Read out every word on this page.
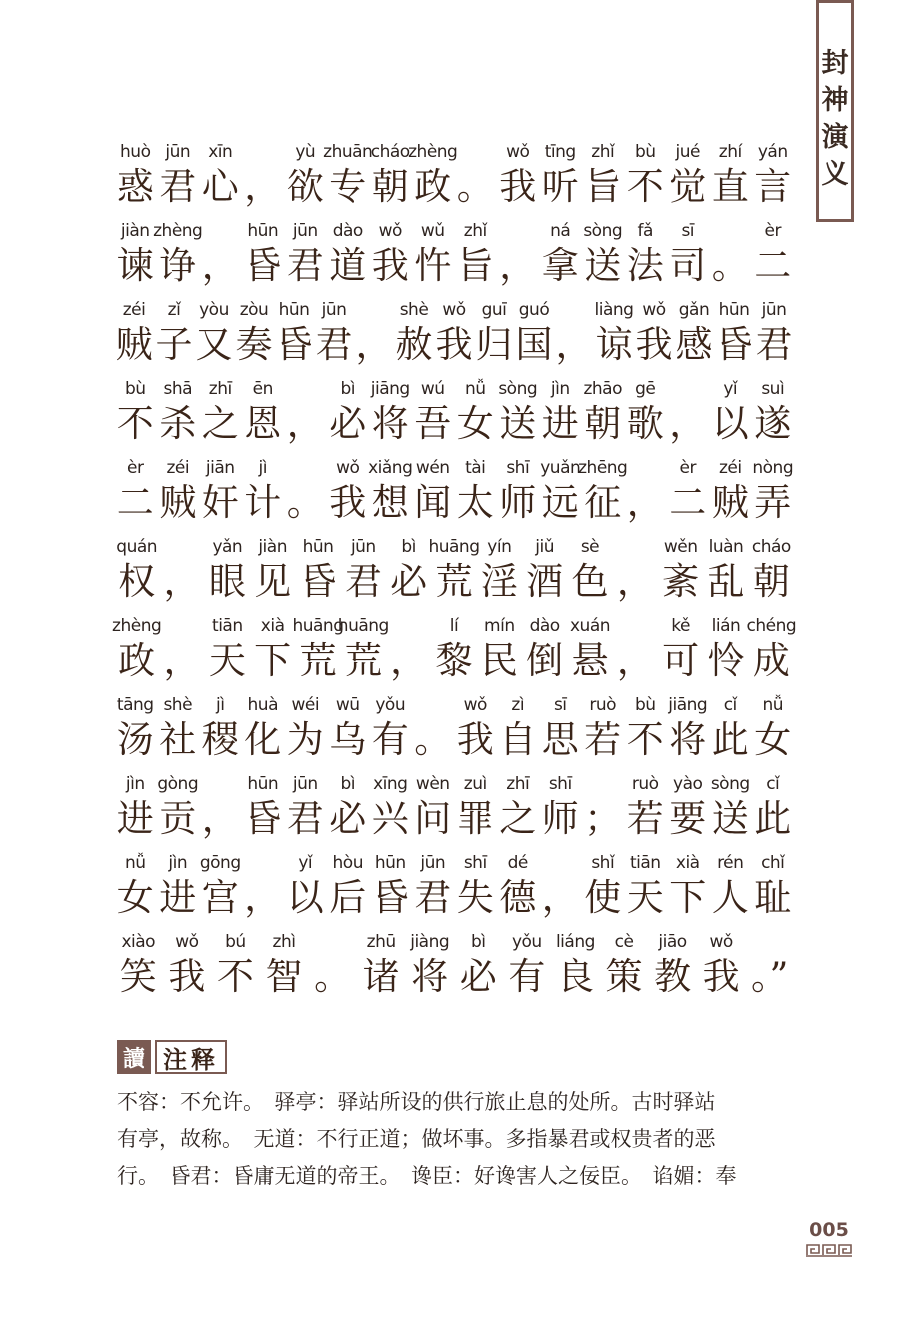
封
神
演
义
huò jūn	xīn	yù zhuān
cháo
zhèng	wǒ tīng zhǐ	bù	jué	zhí yán
惑 君 心 ， 欲 专 朝 政 。 我 听 旨 不 觉 直 言
jiàn zhèng	hūn jūn dào wǒ	wǔ	zhǐ	ná sòng fǎ	sī	èr
谏 诤 ， 昏 君 道 我 忤 旨 ， 拿 送 法 司 。 二
zéi	zǐ	yòu zòu hūn jūn	shè wǒ guī guó	liàng wǒ gǎn hūn jūn
贼 子 又 奏 昏 君 ， 赦 我 归 国 ， 谅 我 感 昏 君
bù	shā zhī	ēn	bì jiāng wú	nǚ sòng jìn zhāo gē	yǐ	suì
不 杀 之 恩 ， 必 将 吾 女 送 进 朝 歌 ， 以 遂
èr	zéi jiān	jì	wǒ xiǎng wén tài	shī yuǎn
zhēng	èr	zéi nòng
二 贼 奸 计 。 我 想 闻 太 师 远 征 ， 二 贼 弄
quán	yǎn jiàn hūn	jūn	bì huāng yín	jiǔ	sè	wěn luàn cháo
权 ， 眼 见 昏 君 必 荒 淫 酒 色 ， 紊 乱 朝
zhèng	tiān	xià huāng
huāng	lí	mín dào xuán	kě	lián chéng
政 ， 天 下 荒 荒 ， 黎 民 倒 悬 ， 可 怜 成
tāng shè	jì	huà wéi wū yǒu	wǒ	zì	sī	ruò	bù jiāng cǐ	nǚ
汤 社 稷 化 为 乌 有 。 我 自 思 若 不 将 此 女
jìn gòng	hūn jūn	bì	xīng wèn zuì	zhī	shī	ruò yào sòng cǐ
进 贡 ， 昏 君 必 兴 问 罪 之 师 ； 若 要 送 此
nǚ	jìn gōng	yǐ	hòu hūn jūn	shī	dé	shǐ tiān xià	rén	chǐ
女 进 宫 ， 以 后 昏 君 失 德 ， 使 天 下 人 耻
xiào	wǒ	bú	zhì	zhū jiàng	bì	yǒu liáng	cè	jiāo	wǒ
笑 我 不 智 。 诸 将 必 有 良 策 教 我 。”
讀 注释
不容：不允许。　驿亭：驿站所设的供行旅止息的处所。古时驿站
有亭，故称。　无道：不行正道；做坏事。多指暴君或权贵者的恶
行。　昏君：昏庸无道的帝王。　谗臣：好谗害人之佞臣。　谄媚：奉
005
